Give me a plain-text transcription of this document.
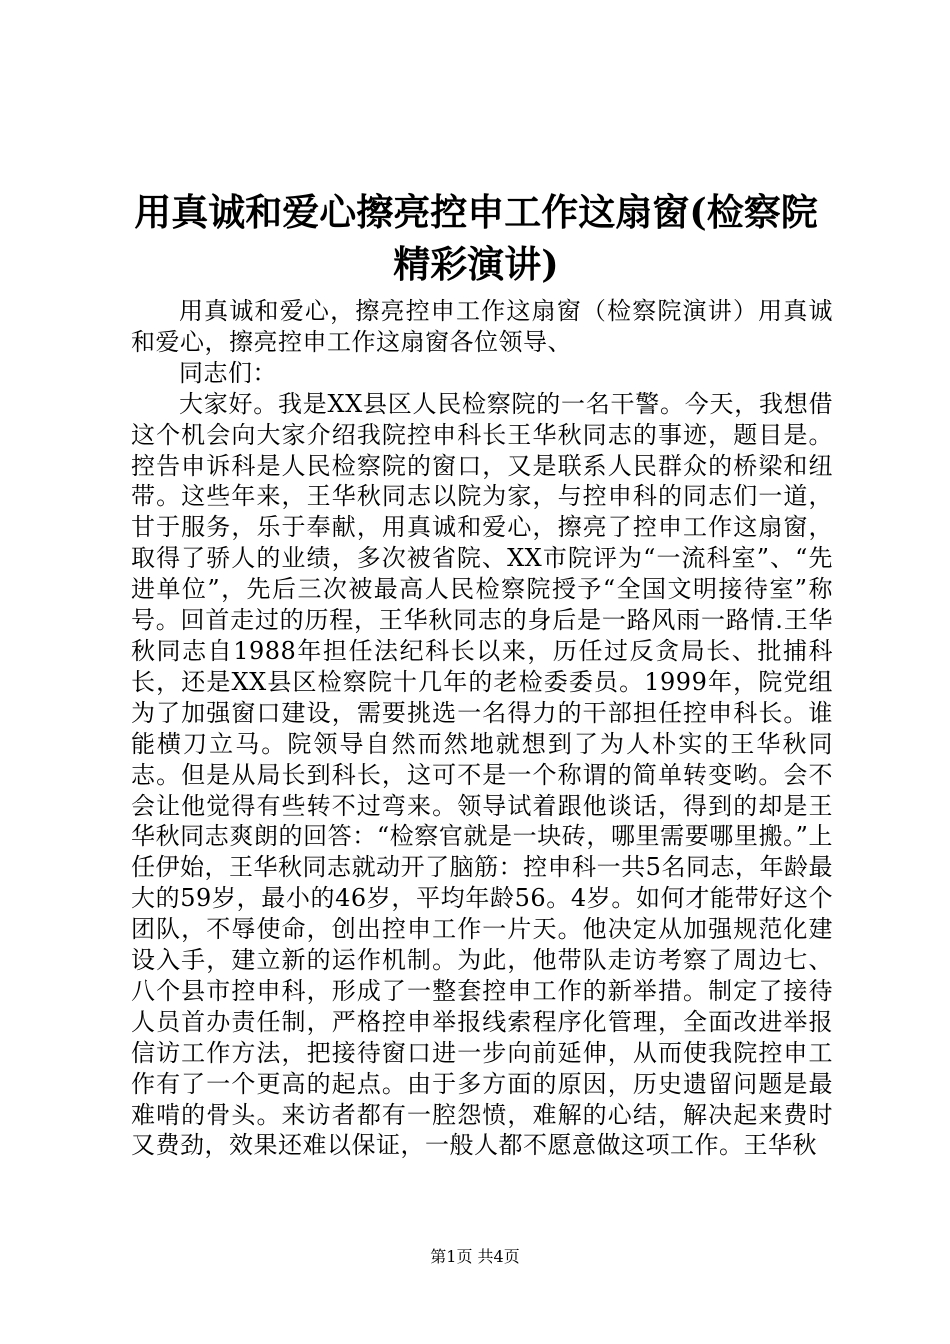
用真诚和爱心擦亮控申工作这扇窗(检察院精彩演讲)

用真诚和爱心，擦亮控申工作这扇窗（检察院演讲）用真诚和爱心，擦亮控申工作这扇窗各位领导、

同志们：

大家好。我是XX县区人民检察院的一名干警。今天，我想借这个机会向大家介绍我院控申科长王华秋同志的事迹，题目是。控告申诉科是人民检察院的窗口，又是联系人民群众的桥梁和纽带。这些年来，王华秋同志以院为家，与控申科的同志们一道，甘于服务，乐于奉献，用真诚和爱心，擦亮了控申工作这扇窗，取得了骄人的业绩，多次被省院、XX市院评为“一流科室”、“先进单位”，先后三次被最高人民检察院授予“全国文明接待室”称号。回首走过的历程，王华秋同志的身后是一路风雨一路情.王华秋同志自1988年担任法纪科长以来，历任过反贪局长、批捕科长，还是XX县区检察院十几年的老检委委员。1999年，院党组为了加强窗口建设，需要挑选一名得力的干部担任控申科长。谁能横刀立马。院领导自然而然地就想到了为人朴实的王华秋同志。但是从局长到科长，这可不是一个称谓的简单转变哟。会不会让他觉得有些转不过弯来。领导试着跟他谈话，得到的却是王华秋同志爽朗的回答：“检察官就是一块砖，哪里需要哪里搬。”上任伊始，王华秋同志就动开了脑筋：控申科一共5名同志，年龄最大的59岁，最小的46岁，平均年龄56。4岁。如何才能带好这个团队，不辱使命，创出控申工作一片天。他决定从加强规范化建设入手，建立新的运作机制。为此，他带队走访考察了周边七、八个县市控申科，形成了一整套控申工作的新举措。制定了接待人员首办责任制，严格控申举报线索程序化管理，全面改进举报信访工作方法，把接待窗口进一步向前延伸，从而使我院控申工作有了一个更高的起点。由于多方面的原因，历史遗留问题是最难啃的骨头。来访者都有一腔怨愤，难解的心结，解决起来费时又费劲，效果还难以保证，一般人都不愿意做这项工作。王华秋

第1页 共4页
